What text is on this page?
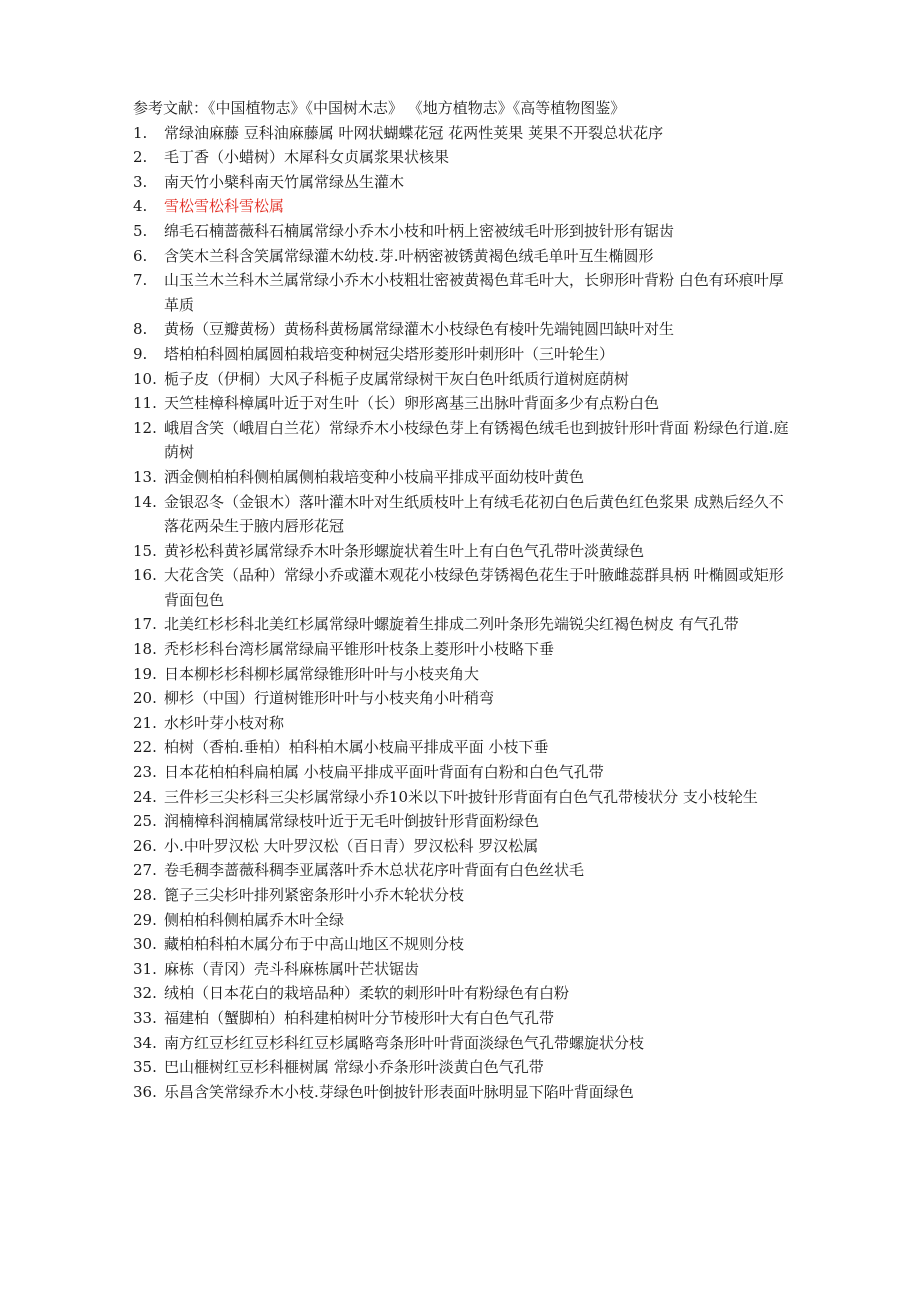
参考文献：《中国植物志》《中国树木志》 《地方植物志》《高等植物图鉴》
1.	常绿油麻藤 豆科油麻藤属 叶网状蝴蝶花冠 花两性荚果 荚果不开裂总状花序
2.	毛丁香（小蜡树）木犀科女贞属浆果状核果
3.	南天竹小檗科南天竹属常绿丛生灌木
4.	雪松雪松科雪松属
5.	绵毛石楠蔷薇科石楠属常绿小乔木小枝和叶柄上密被绒毛叶形到披针形有锯齿
6.	含笑木兰科含笑属常绿灌木幼枝.芽.叶柄密被锈黄褐色绒毛单叶互生椭圆形
7.	山玉兰木兰科木兰属常绿小乔木小枝粗壮密被黄褐色茸毛叶大，长卵形叶背粉 白色有环痕叶厚革质
8.	黄杨（豆瓣黄杨）黄杨科黄杨属常绿灌木小枝绿色有棱叶先端钝圆凹缺叶对生
9.	塔柏柏科圆柏属圆柏栽培变种树冠尖塔形菱形叶刺形叶（三叶轮生）
10. 栀子皮（伊桐）大风子科栀子皮属常绿树干灰白色叶纸质行道树庭荫树
11. 天竺桂樟科樟属叶近于对生叶（长）卵形离基三出脉叶背面多少有点粉白色
12. 峨眉含笑（峨眉白兰花）常绿乔木小枝绿色芽上有锈褐色绒毛也到披针形叶背面 粉绿色行道.庭荫树
13. 洒金侧柏柏科侧柏属侧柏栽培变种小枝扁平排成平面幼枝叶黄色
14. 金银忍冬（金银木）落叶灌木叶对生纸质枝叶上有绒毛花初白色后黄色红色浆果 成熟后经久不落花两朵生于腋内唇形花冠
15. 黄衫松科黄衫属常绿乔木叶条形螺旋状着生叶上有白色气孔带叶淡黄绿色
16. 大花含笑（品种）常绿小乔或灌木观花小枝绿色芽锈褐色花生于叶腋雌蕊群具柄 叶椭圆或矩形背面包色
17. 北美红杉杉科北美红杉属常绿叶螺旋着生排成二列叶条形先端锐尖红褐色树皮 有气孔带
18. 秃杉杉科台湾杉属常绿扁平锥形叶枝条上菱形叶小枝略下垂
19. 日本柳杉杉科柳杉属常绿锥形叶叶与小枝夹角大
20. 柳杉（中国）行道树锥形叶叶与小枝夹角小叶稍弯
21. 水杉叶芽小枝对称
22. 柏树（香柏.垂柏）柏科柏木属小枝扁平排成平面 小枝下垂
23. 日本花柏柏科扁柏属 小枝扁平排成平面叶背面有白粉和白色气孔带
24. 三件杉三尖杉科三尖杉属常绿小乔10米以下叶披针形背面有白色气孔带棱状分 支小枝轮生
25. 润楠樟科润楠属常绿枝叶近于无毛叶倒披针形背面粉绿色
26. 小.中叶罗汉松 大叶罗汉松（百日青）罗汉松科 罗汉松属
27. 卷毛稠李蔷薇科稠李亚属落叶乔木总状花序叶背面有白色丝状毛
28. 篦子三尖杉叶排列紧密条形叶小乔木轮状分枝
29. 侧柏柏科侧柏属乔木叶全绿
30. 藏柏柏科柏木属分布于中高山地区不规则分枝
31. 麻栋（青冈）壳斗科麻栋属叶芒状锯齿
32. 绒柏（日本花白的栽培品种）柔软的刺形叶叶有粉绿色有白粉
33. 福建柏（蟹脚柏）柏科建柏树叶分节棱形叶大有白色气孔带
34. 南方红豆杉红豆杉科红豆杉属略弯条形叶叶背面淡绿色气孔带螺旋状分枝
35. 巴山榧树红豆杉科榧树属 常绿小乔条形叶淡黄白色气孔带
36. 乐昌含笑常绿乔木小枝.芽绿色叶倒披针形表面叶脉明显下陷叶背面绿色
